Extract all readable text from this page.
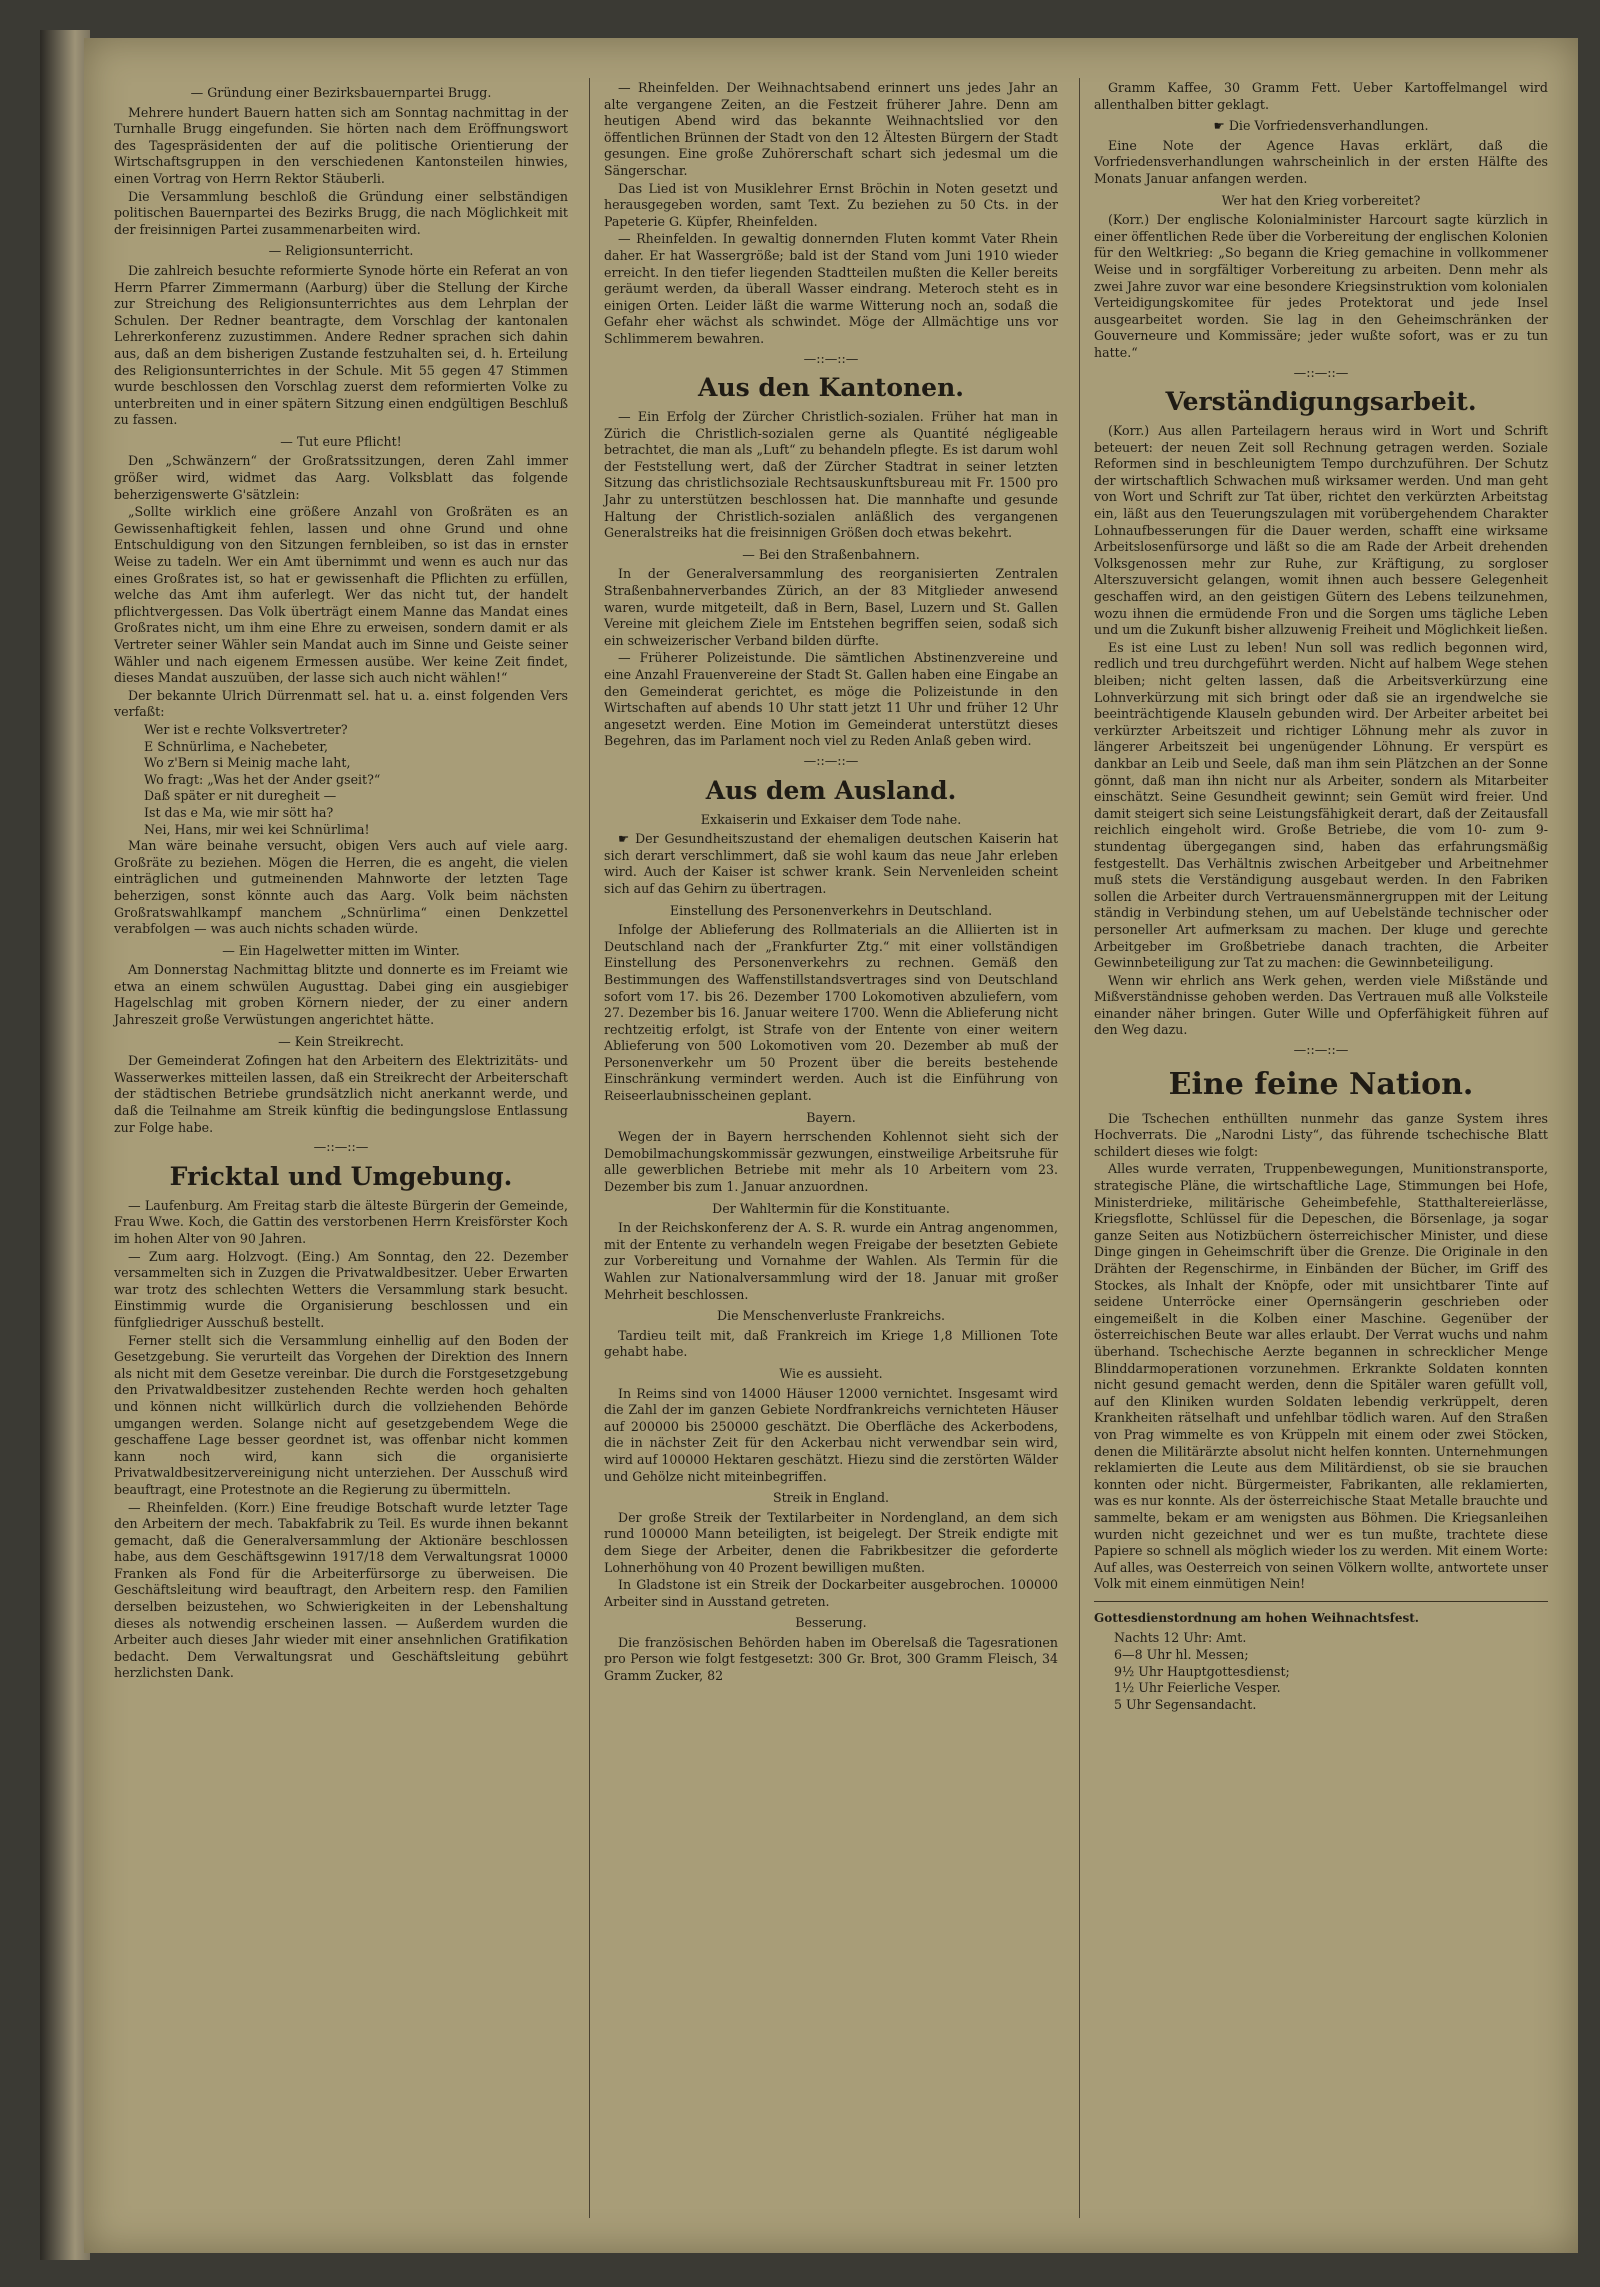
— Gründung einer Bezirksbauernpartei Brugg.

Mehrere hundert Bauern hatten sich am Sonntag nachmittag in der Turnhalle Brugg eingefunden. Sie hörten nach dem Eröffnungswort des Tagespräsidenten der auf die politische Orientierung der Wirtschaftsgruppen in den verschiedenen Kantonsteilen hinwies, einen Vortrag von Herrn Rektor Stäuberli.

Die Versammlung beschloß die Gründung einer selbständigen politischen Bauernpartei des Bezirks Brugg, die nach Möglichkeit mit der freisinnigen Partei zusammenarbeiten wird.

— Religionsunterricht.

Die zahlreich besuchte reformierte Synode hörte ein Referat an von Herrn Pfarrer Zimmermann (Aarburg) über die Stellung der Kirche zur Streichung des Religionsunterrichtes aus dem Lehrplan der Schulen. Der Redner beantragte, dem Vorschlag der kantonalen Lehrerkonferenz zuzustimmen. Andere Redner sprachen sich dahin aus, daß an dem bisherigen Zustande festzuhalten sei, d. h. Erteilung des Religionsunterrichtes in der Schule. Mit 55 gegen 47 Stimmen wurde beschlossen den Vorschlag zuerst dem reformierten Volke zu unterbreiten und in einer spätern Sitzung einen endgültigen Beschluß zu fassen.

— Tut eure Pflicht!

Den „Schwänzern“ der Großratssitzungen, deren Zahl immer größer wird, widmet das Aarg. Volksblatt das folgende beherzigenswerte G'sätzlein:

„Sollte wirklich eine größere Anzahl von Großräten es an Gewissenhaftigkeit fehlen, lassen und ohne Grund und ohne Entschuldigung von den Sitzungen fernbleiben, so ist das in ernster Weise zu tadeln. Wer ein Amt übernimmt und wenn es auch nur das eines Großrates ist, so hat er gewissenhaft die Pflichten zu erfüllen, welche das Amt ihm auferlegt. Wer das nicht tut, der handelt pflichtvergessen. Das Volk überträgt einem Manne das Mandat eines Großrates nicht, um ihm eine Ehre zu erweisen, sondern damit er als Vertreter seiner Wähler sein Mandat auch im Sinne und Geiste seiner Wähler und nach eigenem Ermessen ausübe. Wer keine Zeit findet, dieses Mandat auszuüben, der lasse sich auch nicht wählen!“

Der bekannte Ulrich Dürrenmatt sel. hat u. a. einst folgenden Vers verfaßt:

Wer ist e rechte Volksvertreter?

E Schnürlima, e Nachebeter,

Wo z'Bern si Meinig mache laht,

Wo fragt: „Was het der Ander gseit?“

Daß später er nit duregheit —

Ist das e Ma, wie mir sött ha?

Nei, Hans, mir wei kei Schnürlima!

Man wäre beinahe versucht, obigen Vers auch auf viele aarg. Großräte zu beziehen. Mögen die Herren, die es angeht, die vielen einträglichen und gutmeinenden Mahnworte der letzten Tage beherzigen, sonst könnte auch das Aarg. Volk beim nächsten Großratswahlkampf manchem „Schnürlima“ einen Denkzettel verabfolgen — was auch nichts schaden würde.

— Ein Hagelwetter mitten im Winter.

Am Donnerstag Nachmittag blitzte und donnerte es im Freiamt wie etwa an einem schwülen Augusttag. Dabei ging ein ausgiebiger Hagelschlag mit groben Körnern nieder, der zu einer andern Jahreszeit große Verwüstungen angerichtet hätte.

— Kein Streikrecht.

Der Gemeinderat Zofingen hat den Arbeitern des Elektrizitäts- und Wasserwerkes mitteilen lassen, daß ein Streikrecht der Arbeiterschaft der städtischen Betriebe grundsätzlich nicht anerkannt werde, und daß die Teilnahme am Streik künftig die bedingungslose Entlassung zur Folge habe.

—::—::—
Fricktal und Umgebung.

— Laufenburg. Am Freitag starb die älteste Bürgerin der Gemeinde, Frau Wwe. Koch, die Gattin des verstorbenen Herrn Kreisförster Koch im hohen Alter von 90 Jahren.

— Zum aarg. Holzvogt. (Eing.) Am Sonntag, den 22. Dezember versammelten sich in Zuzgen die Privatwaldbesitzer. Ueber Erwarten war trotz des schlechten Wetters die Versammlung stark besucht. Einstimmig wurde die Organisierung beschlossen und ein fünfgliedriger Ausschuß bestellt.

Ferner stellt sich die Versammlung einhellig auf den Boden der Gesetzgebung. Sie verurteilt das Vorgehen der Direktion des Innern als nicht mit dem Gesetze vereinbar. Die durch die Forstgesetzgebung den Privatwaldbesitzer zustehenden Rechte werden hoch gehalten und können nicht willkürlich durch die vollziehenden Behörde umgangen werden. Solange nicht auf gesetzgebendem Wege die geschaffene Lage besser geordnet ist, was offenbar nicht kommen kann noch wird, kann sich die organisierte Privatwaldbesitzervereinigung nicht unterziehen. Der Ausschuß wird beauftragt, eine Protestnote an die Regierung zu übermitteln.

— Rheinfelden. (Korr.) Eine freudige Botschaft wurde letzter Tage den Arbeitern der mech. Tabakfabrik zu Teil. Es wurde ihnen bekannt gemacht, daß die Generalversammlung der Aktionäre beschlossen habe, aus dem Geschäftsgewinn 1917/18 dem Verwaltungsrat 10000 Franken als Fond für die Arbeiterfürsorge zu überweisen. Die Geschäftsleitung wird beauftragt, den Arbeitern resp. den Familien derselben beizustehen, wo Schwierigkeiten in der Lebenshaltung dieses als notwendig erscheinen lassen. — Außerdem wurden die Arbeiter auch dieses Jahr wieder mit einer ansehnlichen Gratifikation bedacht. Dem Verwaltungsrat und Geschäftsleitung gebührt herzlichsten Dank.

— Rheinfelden. Der Weihnachtsabend erinnert uns jedes Jahr an alte vergangene Zeiten, an die Festzeit früherer Jahre. Denn am heutigen Abend wird das bekannte Weihnachtslied vor den öffentlichen Brünnen der Stadt von den 12 Ältesten Bürgern der Stadt gesungen. Eine große Zuhörerschaft schart sich jedesmal um die Sängerschar.

Das Lied ist von Musiklehrer Ernst Bröchin in Noten gesetzt und herausgegeben worden, samt Text. Zu beziehen zu 50 Cts. in der Papeterie G. Küpfer, Rheinfelden.

— Rheinfelden. In gewaltig donnernden Fluten kommt Vater Rhein daher. Er hat Wassergröße; bald ist der Stand vom Juni 1910 wieder erreicht. In den tiefer liegenden Stadtteilen mußten die Keller bereits geräumt werden, da überall Wasser eindrang. Meteroch steht es in einigen Orten. Leider läßt die warme Witterung noch an, sodaß die Gefahr eher wächst als schwindet. Möge der Allmächtige uns vor Schlimmerem bewahren.

—::—::—
Aus den Kantonen.

— Ein Erfolg der Zürcher Christlich-sozialen. Früher hat man in Zürich die Christlich-sozialen gerne als Quantité négligeable betrachtet, die man als „Luft“ zu behandeln pflegte. Es ist darum wohl der Feststellung wert, daß der Zürcher Stadtrat in seiner letzten Sitzung das christlichsoziale Rechtsauskunftsbureau mit Fr. 1500 pro Jahr zu unterstützen beschlossen hat. Die mannhafte und gesunde Haltung der Christlich-sozialen anläßlich des vergangenen Generalstreiks hat die freisinnigen Größen doch etwas bekehrt.

— Bei den Straßenbahnern.

In der Generalversammlung des reorganisierten Zentralen Straßenbahnerverbandes Zürich, an der 83 Mitglieder anwesend waren, wurde mitgeteilt, daß in Bern, Basel, Luzern und St. Gallen Vereine mit gleichem Ziele im Entstehen begriffen seien, sodaß sich ein schweizerischer Verband bilden dürfte.

— Früherer Polizeistunde. Die sämtlichen Abstinenzvereine und eine Anzahl Frauenvereine der Stadt St. Gallen haben eine Eingabe an den Gemeinderat gerichtet, es möge die Polizeistunde in den Wirtschaften auf abends 10 Uhr statt jetzt 11 Uhr und früher 12 Uhr angesetzt werden. Eine Motion im Gemeinderat unterstützt dieses Begehren, das im Parlament noch viel zu Reden Anlaß geben wird.

—::—::—
Aus dem Ausland.

Exkaiserin und Exkaiser dem Tode nahe.

☛ Der Gesundheitszustand der ehemaligen deutschen Kaiserin hat sich derart verschlimmert, daß sie wohl kaum das neue Jahr erleben wird. Auch der Kaiser ist schwer krank. Sein Nervenleiden scheint sich auf das Gehirn zu übertragen.

Einstellung des Personenverkehrs in Deutschland.

Infolge der Ablieferung des Rollmaterials an die Alliierten ist in Deutschland nach der „Frankfurter Ztg.“ mit einer vollständigen Einstellung des Personenverkehrs zu rechnen. Gemäß den Bestimmungen des Waffenstillstandsvertrages sind von Deutschland sofort vom 17. bis 26. Dezember 1700 Lokomotiven abzuliefern, vom 27. Dezember bis 16. Januar weitere 1700. Wenn die Ablieferung nicht rechtzeitig erfolgt, ist Strafe von der Entente von einer weitern Ablieferung von 500 Lokomotiven vom 20. Dezember ab muß der Personenverkehr um 50 Prozent über die bereits bestehende Einschränkung vermindert werden. Auch ist die Einführung von Reiseerlaubnisscheinen geplant.

Bayern.

Wegen der in Bayern herrschenden Kohlennot sieht sich der Demobilmachungskommissär gezwungen, einstweilige Arbeitsruhe für alle gewerblichen Betriebe mit mehr als 10 Arbeitern vom 23. Dezember bis zum 1. Januar anzuordnen.

Der Wahltermin für die Konstituante.

In der Reichskonferenz der A. S. R. wurde ein Antrag angenommen, mit der Entente zu verhandeln wegen Freigabe der besetzten Gebiete zur Vorbereitung und Vornahme der Wahlen. Als Termin für die Wahlen zur Nationalversammlung wird der 18. Januar mit großer Mehrheit beschlossen.

Die Menschenverluste Frankreichs.

Tardieu teilt mit, daß Frankreich im Kriege 1,8 Millionen Tote gehabt habe.

Wie es aussieht.

In Reims sind von 14000 Häuser 12000 vernichtet. Insgesamt wird die Zahl der im ganzen Gebiete Nordfrankreichs vernichteten Häuser auf 200000 bis 250000 geschätzt. Die Oberfläche des Ackerbodens, die in nächster Zeit für den Ackerbau nicht verwendbar sein wird, wird auf 100000 Hektaren geschätzt. Hiezu sind die zerstörten Wälder und Gehölze nicht miteinbegriffen.

Streik in England.

Der große Streik der Textilarbeiter in Nordengland, an dem sich rund 100000 Mann beteiligten, ist beigelegt. Der Streik endigte mit dem Siege der Arbeiter, denen die Fabrikbesitzer die geforderte Lohnerhöhung von 40 Prozent bewilligen mußten.

In Gladstone ist ein Streik der Dockarbeiter ausgebrochen. 100000 Arbeiter sind in Ausstand getreten.

Besserung.

Die französischen Behörden haben im Oberelsaß die Tagesrationen pro Person wie folgt festgesetzt: 300 Gr. Brot, 300 Gramm Fleisch, 34 Gramm Zucker, 82

Gramm Kaffee, 30 Gramm Fett. Ueber Kartoffelmangel wird allenthalben bitter geklagt.

☛ Die Vorfriedensverhandlungen.

Eine Note der Agence Havas erklärt, daß die Vorfriedensverhandlungen wahrscheinlich in der ersten Hälfte des Monats Januar anfangen werden.

Wer hat den Krieg vorbereitet?

(Korr.) Der englische Kolonialminister Harcourt sagte kürzlich in einer öffentlichen Rede über die Vorbereitung der englischen Kolonien für den Weltkrieg: „So begann die Krieg gemachine in vollkommener Weise und in sorgfältiger Vorbereitung zu arbeiten. Denn mehr als zwei Jahre zuvor war eine besondere Kriegsinstruktion vom kolonialen Verteidigungskomitee für jedes Protektorat und jede Insel ausgearbeitet worden. Sie lag in den Geheimschränken der Gouverneure und Kommissäre; jeder wußte sofort, was er zu tun hatte.“

—::—::—
Verständigungsarbeit.

(Korr.) Aus allen Parteilagern heraus wird in Wort und Schrift beteuert: der neuen Zeit soll Rechnung getragen werden. Soziale Reformen sind in beschleunigtem Tempo durchzuführen. Der Schutz der wirtschaftlich Schwachen muß wirksamer werden. Und man geht von Wort und Schrift zur Tat über, richtet den verkürzten Arbeitstag ein, läßt aus den Teuerungszulagen mit vorübergehendem Charakter Lohnaufbesserungen für die Dauer werden, schafft eine wirksame Arbeitslosenfürsorge und läßt so die am Rade der Arbeit drehenden Volksgenossen mehr zur Ruhe, zur Kräftigung, zu sorgloser Alterszuversicht gelangen, womit ihnen auch bessere Gelegenheit geschaffen wird, an den geistigen Gütern des Lebens teilzunehmen, wozu ihnen die ermüdende Fron und die Sorgen ums tägliche Leben und um die Zukunft bisher allzuwenig Freiheit und Möglichkeit ließen.

Es ist eine Lust zu leben! Nun soll was redlich begonnen wird, redlich und treu durchgeführt werden. Nicht auf halbem Wege stehen bleiben; nicht gelten lassen, daß die Arbeitsverkürzung eine Lohnverkürzung mit sich bringt oder daß sie an irgendwelche sie beeinträchtigende Klauseln gebunden wird. Der Arbeiter arbeitet bei verkürzter Arbeitszeit und richtiger Löhnung mehr als zuvor in längerer Arbeitszeit bei ungenügender Löhnung. Er verspürt es dankbar an Leib und Seele, daß man ihm sein Plätzchen an der Sonne gönnt, daß man ihn nicht nur als Arbeiter, sondern als Mitarbeiter einschätzt. Seine Gesundheit gewinnt; sein Gemüt wird freier. Und damit steigert sich seine Leistungsfähigkeit derart, daß der Zeitausfall reichlich eingeholt wird. Große Betriebe, die vom 10- zum 9-stundentag übergegangen sind, haben das erfahrungsmäßig festgestellt. Das Verhältnis zwischen Arbeitgeber und Arbeitnehmer muß stets die Verständigung ausgebaut werden. In den Fabriken sollen die Arbeiter durch Vertrauensmännergruppen mit der Leitung ständig in Verbindung stehen, um auf Uebelstände technischer oder personeller Art aufmerksam zu machen. Der kluge und gerechte Arbeitgeber im Großbetriebe danach trachten, die Arbeiter Gewinnbeteiligung zur Tat zu machen: die Gewinnbeteiligung.

Wenn wir ehrlich ans Werk gehen, werden viele Mißstände und Mißverständnisse gehoben werden. Das Vertrauen muß alle Volksteile einander näher bringen. Guter Wille und Opferfähigkeit führen auf den Weg dazu.

—::—::—
Eine feine Nation.

Die Tschechen enthüllten nunmehr das ganze System ihres Hochverrats. Die „Narodni Listy“, das führende tschechische Blatt schildert dieses wie folgt:

Alles wurde verraten, Truppenbewegungen, Munitionstransporte, strategische Pläne, die wirtschaftliche Lage, Stimmungen bei Hofe, Ministerdrieke, militärische Geheimbefehle, Statthaltereierlässe, Kriegsflotte, Schlüssel für die Depeschen, die Börsenlage, ja sogar ganze Seiten aus Notizbüchern österreichischer Minister, und diese Dinge gingen in Geheimschrift über die Grenze. Die Originale in den Drähten der Regenschirme, in Einbänden der Bücher, im Griff des Stockes, als Inhalt der Knöpfe, oder mit unsichtbarer Tinte auf seidene Unterröcke einer Opernsängerin geschrieben oder eingemeißelt in die Kolben einer Maschine. Gegenüber der österreichischen Beute war alles erlaubt. Der Verrat wuchs und nahm überhand. Tschechische Aerzte begannen in schrecklicher Menge Blinddarmoperationen vorzunehmen. Erkrankte Soldaten konnten nicht gesund gemacht werden, denn die Spitäler waren gefüllt voll, auf den Kliniken wurden Soldaten lebendig verkrüppelt, deren Krankheiten rätselhaft und unfehlbar tödlich waren. Auf den Straßen von Prag wimmelte es von Krüppeln mit einem oder zwei Stöcken, denen die Militärärzte absolut nicht helfen konnten. Unternehmungen reklamierten die Leute aus dem Militärdienst, ob sie sie brauchen konnten oder nicht. Bürgermeister, Fabrikanten, alle reklamierten, was es nur konnte. Als der österreichische Staat Metalle brauchte und sammelte, bekam er am wenigsten aus Böhmen. Die Kriegsanleihen wurden nicht gezeichnet und wer es tun mußte, trachtete diese Papiere so schnell als möglich wieder los zu werden. Mit einem Worte: Auf alles, was Oesterreich von seinen Völkern wollte, antwortete unser Volk mit einem einmütigen Nein!

Gottesdienstordnung am hohen Weihnachtsfest.

Nachts 12 Uhr: Amt.

6—8 Uhr hl. Messen;

9½ Uhr Hauptgottesdienst;

1½ Uhr Feierliche Vesper.

5 Uhr Segensandacht.
